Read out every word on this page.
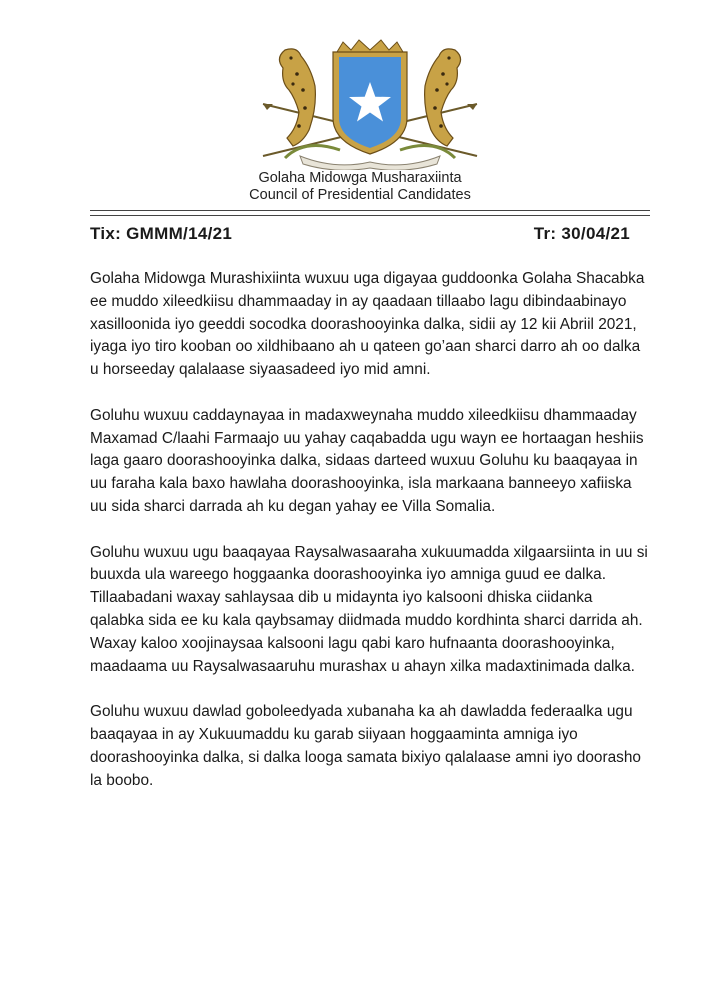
Golaha Midowga Musharaxiinta
Council of Presidential Candidates
Tix: GMMM/14/21	Tr: 30/04/21

Golaha Midowga Murashixiinta wuxuu uga digayaa guddoonka Golaha Shacabka ee muddo xileedkiisu dhammaaday in ay qaadaan tillaabo lagu dibindaabinayo xasilloonida iyo geeddi socodka doorashooyinka dalka, sidii ay 12 kii Abriil 2021, iyaga iyo tiro kooban oo xildhibaano ah u qateen go’aan sharci darro ah oo dalka u horseeday qalalaase siyaasadeed iyo mid amni.

Goluhu wuxuu caddaynayaa in madaxweynaha muddo xileedkiisu dhammaaday Maxamad C/laahi Farmaajo uu yahay caqabadda ugu wayn ee hortaagan heshiis laga gaaro doorashooyinka dalka, sidaas darteed wuxuu Goluhu ku baaqayaa in uu faraha kala baxo hawlaha doorashooyinka, isla markaana banneeyo xafiiska uu sida sharci darrada ah ku degan yahay ee Villa Somalia.

Goluhu wuxuu ugu baaqayaa Raysalwasaaraha xukuumadda xilgaarsiinta in uu si buuxda ula wareego hoggaanka doorashooyinka iyo amniga guud ee dalka. Tillaabadani waxay sahlaysaa dib u midaynta iyo kalsooni dhiska ciidanka qalabka sida ee ku kala qaybsamay diidmada muddo kordhinta sharci darrida ah. Waxay kaloo xoojinaysaa kalsooni lagu qabi karo hufnaanta doorashooyinka, maadaama uu Raysalwasaaruhu murashax u ahayn xilka madaxtinimada dalka.

Goluhu wuxuu dawlad goboleedyada xubanaha ka ah dawladda federaalka ugu baaqayaa in ay Xukuumaddu ku garab siiyaan hoggaaminta amniga iyo doorashooyinka dalka, si dalka looga samata bixiyo qalalaase amni iyo doorasho la boobo.
